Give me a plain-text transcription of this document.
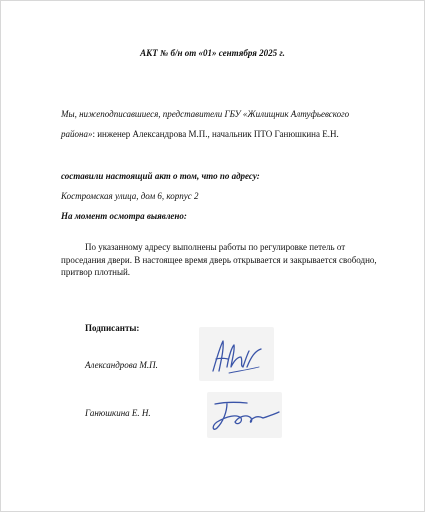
АКТ № б/н от «01» сентября 2025 г.
Мы, нижеподписавшиеся, представители ГБУ «Жилищник Алтуфьевского
района»: инженер Александрова М.П., начальник ПТО Ганюшкина Е.Н.
составили настоящий акт о том, что по адресу:
Костромская улица, дом 6, корпус 2
На момент осмотра выявлено:
По указанному адресу выполнены работы по регулировке петель от проседания двери. В настоящее время дверь открывается и закрывается свободно, притвор плотный.
Подписанты:
Александрова М.П.
Ганюшкина Е. Н.
